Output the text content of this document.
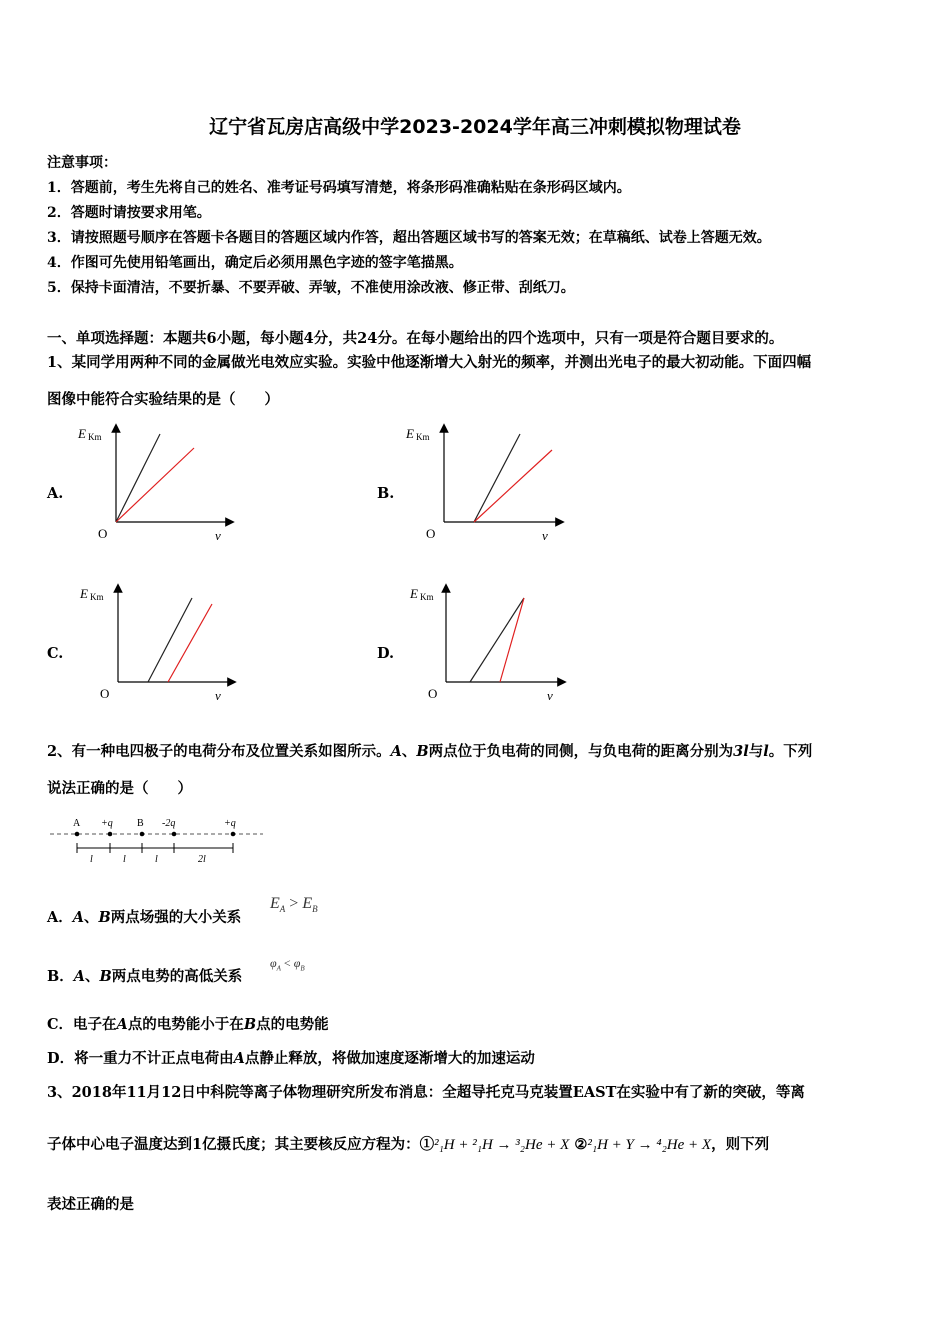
辽宁省瓦房店高级中学2023-2024学年高三冲刺模拟物理试卷
注意事项：
1．答题前，考生先将自己的姓名、准考证号码填写清楚，将条形码准确粘贴在条形码区域内。
2．答题时请按要求用笔。
3．请按照题号顺序在答题卡各题目的答题区域内作答，超出答题区域书写的答案无效；在草稿纸、试卷上答题无效。
4．作图可先使用铅笔画出，确定后必须用黑色字迹的签字笔描黑。
5．保持卡面清洁，不要折暴、不要弄破、弄皱，不准使用涂改液、修正带、刮纸刀。
一、单项选择题：本题共6小题，每小题4分，共24分。在每小题给出的四个选项中，只有一项是符合题目要求的。
1、某同学用两种不同的金属做光电效应实验。实验中他逐渐增大入射光的频率，并测出光电子的最大初动能。下面四幅
图像中能符合实验结果的是（　　）
A.	B.
C.	D.
E Km
O	ν
E Km
O	ν
E Km
O	ν
E Km
O	ν
2、有一种电四极子的电荷分布及位置关系如图所示。A、B两点位于负电荷的同侧，与负电荷的距离分别为3l与l。下列
说法正确的是（　　）
A +q B -2q	+q
l	l	l	2l
A．A、B两点场强的大小关系
$E_A > E_B$
B．A、B两点电势的高低关系
$\varphi_A < \varphi_B$
C．电子在A点的电势能小于在B点的电势能
D．将一重力不计正点电荷由A点静止释放，将做加速度逐渐增大的加速运动
3、2018年11月12日中科院等离子体物理研究所发布消息：全超导托克马克装置EAST在实验中有了新的突破，等离
子体中心电子温度达到1亿摄氏度；其主要核反应方程为：①²₁H + ²₁H → ³₂He + X ②²₁H + Y → ⁴₂He + X，则下列
表述正确的是
